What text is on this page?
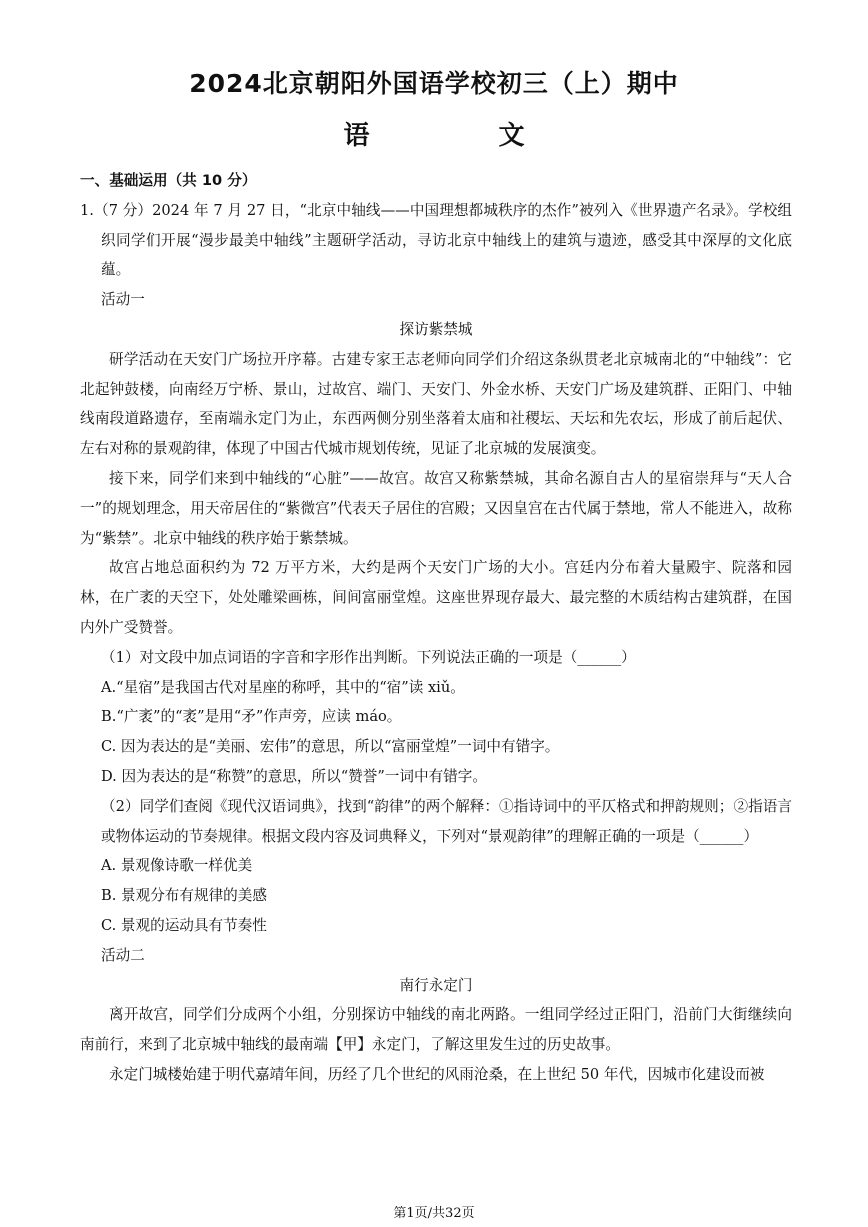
2024北京朝阳外国语学校初三（上）期中
语 文

一、基础运用（共 10 分）

1.（7 分）2024 年 7 月 27 日，“北京中轴线——中国理想都城秩序的杰作”被列入《世界遗产名录》。学校组织同学们开展“漫步最美中轴线”主题研学活动，寻访北京中轴线上的建筑与遗迹，感受其中深厚的文化底蕴。

活动一

探访紫禁城

研学活动在天安门广场拉开序幕。古建专家王志老师向同学们介绍这条纵贯老北京城南北的“中轴线”：它北起钟鼓楼，向南经万宁桥、景山，过故宫、端门、天安门、外金水桥、天安门广场及建筑群、正阳门、中轴线南段道路遗存，至南端永定门为止，东西两侧分别坐落着太庙和社稷坛、天坛和先农坛，形成了前后起伏、左右对称的景观韵律，体现了中国古代城市规划传统，见证了北京城的发展演变。

接下来，同学们来到中轴线的“心脏”——故宫。故宫又称紫禁城，其命名源自古人的星宿崇拜与“天人合一”的规划理念，用天帝居住的“紫微宫”代表天子居住的宫殿；又因皇宫在古代属于禁地，常人不能进入，故称为“紫禁”。北京中轴线的秩序始于紫禁城。

故宫占地总面积约为 72 万平方米，大约是两个天安门广场的大小。宫廷内分布着大量殿宇、院落和园林，在广袤的天空下，处处雕梁画栋，间间富丽堂煌。这座世界现存最大、最完整的木质结构古建筑群，在国内外广受赞誉。

（1）对文段中加点词语的字音和字形作出判断。下列说法正确的一项是（______）

A.“星宿”是我国古代对星座的称呼，其中的“宿”读 xiǔ。

B.“广袤”的“袤”是用“矛”作声旁，应读 máo。

C. 因为表达的是“美丽、宏伟”的意思，所以“富丽堂煌”一词中有错字。

D. 因为表达的是“称赞”的意思，所以“赞誉”一词中有错字。

（2）同学们查阅《现代汉语词典》，找到“韵律”的两个解释：①指诗词中的平仄格式和押韵规则；②指语言或物体运动的节奏规律。根据文段内容及词典释义，下列对“景观韵律”的理解正确的一项是（______）

A. 景观像诗歌一样优美

B. 景观分布有规律的美感

C. 景观的运动具有节奏性

活动二

南行永定门

离开故宫，同学们分成两个小组，分别探访中轴线的南北两路。一组同学经过正阳门，沿前门大街继续向南前行，来到了北京城中轴线的最南端【甲】永定门，了解这里发生过的历史故事。

永定门城楼始建于明代嘉靖年间，历经了几个世纪的风雨沧桑，在上世纪 50 年代，因城市化建设而被

第1页/共32页
